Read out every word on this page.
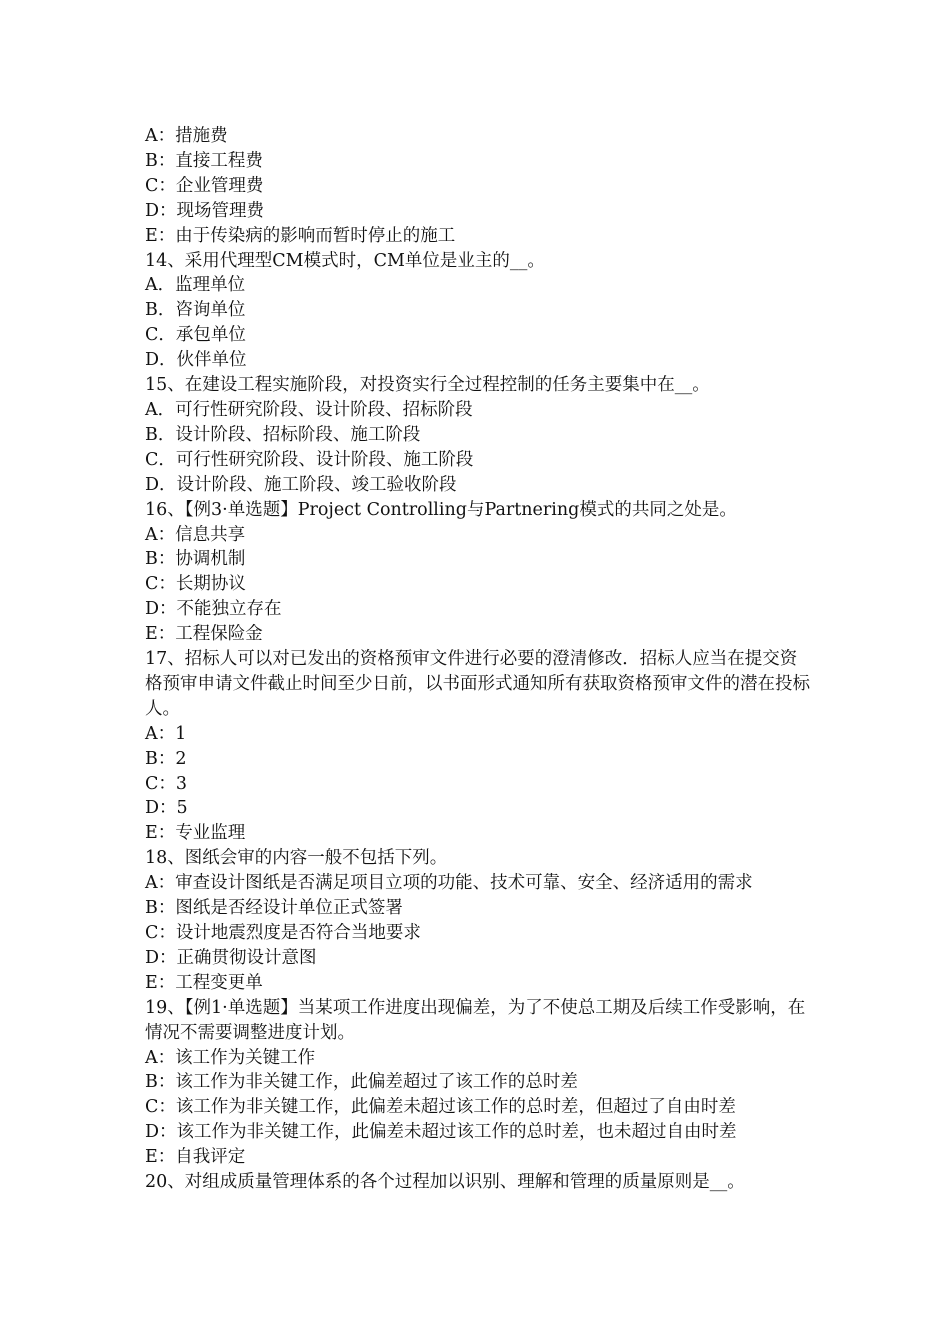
A：措施费

B：直接工程费

C：企业管理费

D：现场管理费

E：由于传染病的影响而暂时停止的施工

14、采用代理型CM模式时，CM单位是业主的__。

A．监理单位

B．咨询单位

C．承包单位

D．伙伴单位

15、在建设工程实施阶段，对投资实行全过程控制的任务主要集中在__。

A．可行性研究阶段、设计阶段、招标阶段

B．设计阶段、招标阶段、施工阶段

C．可行性研究阶段、设计阶段、施工阶段

D．设计阶段、施工阶段、竣工验收阶段

16、【例3·单选题】Project Controlling与Partnering模式的共同之处是。

A：信息共享

B：协调机制

C：长期协议

D：不能独立存在

E：工程保险金

17、招标人可以对已发出的资格预审文件进行必要的澄清修改．招标人应当在提交资格预审申请文件截止时间至少日前，以书面形式通知所有获取资格预审文件的潜在投标人。

A：1

B：2

C：3

D：5

E：专业监理

18、图纸会审的内容一般不包括下列。

A：审查设计图纸是否满足项目立项的功能、技术可靠、安全、经济适用的需求

B：图纸是否经设计单位正式签署

C：设计地震烈度是否符合当地要求

D：正确贯彻设计意图

E：工程变更单

19、【例1·单选题】当某项工作进度出现偏差，为了不使总工期及后续工作受影响，在情况不需要调整进度计划。

A：该工作为关键工作

B：该工作为非关键工作，此偏差超过了该工作的总时差

C：该工作为非关键工作，此偏差未超过该工作的总时差，但超过了自由时差

D：该工作为非关键工作，此偏差未超过该工作的总时差，也未超过自由时差

E：自我评定

20、对组成质量管理体系的各个过程加以识别、理解和管理的质量原则是__。
